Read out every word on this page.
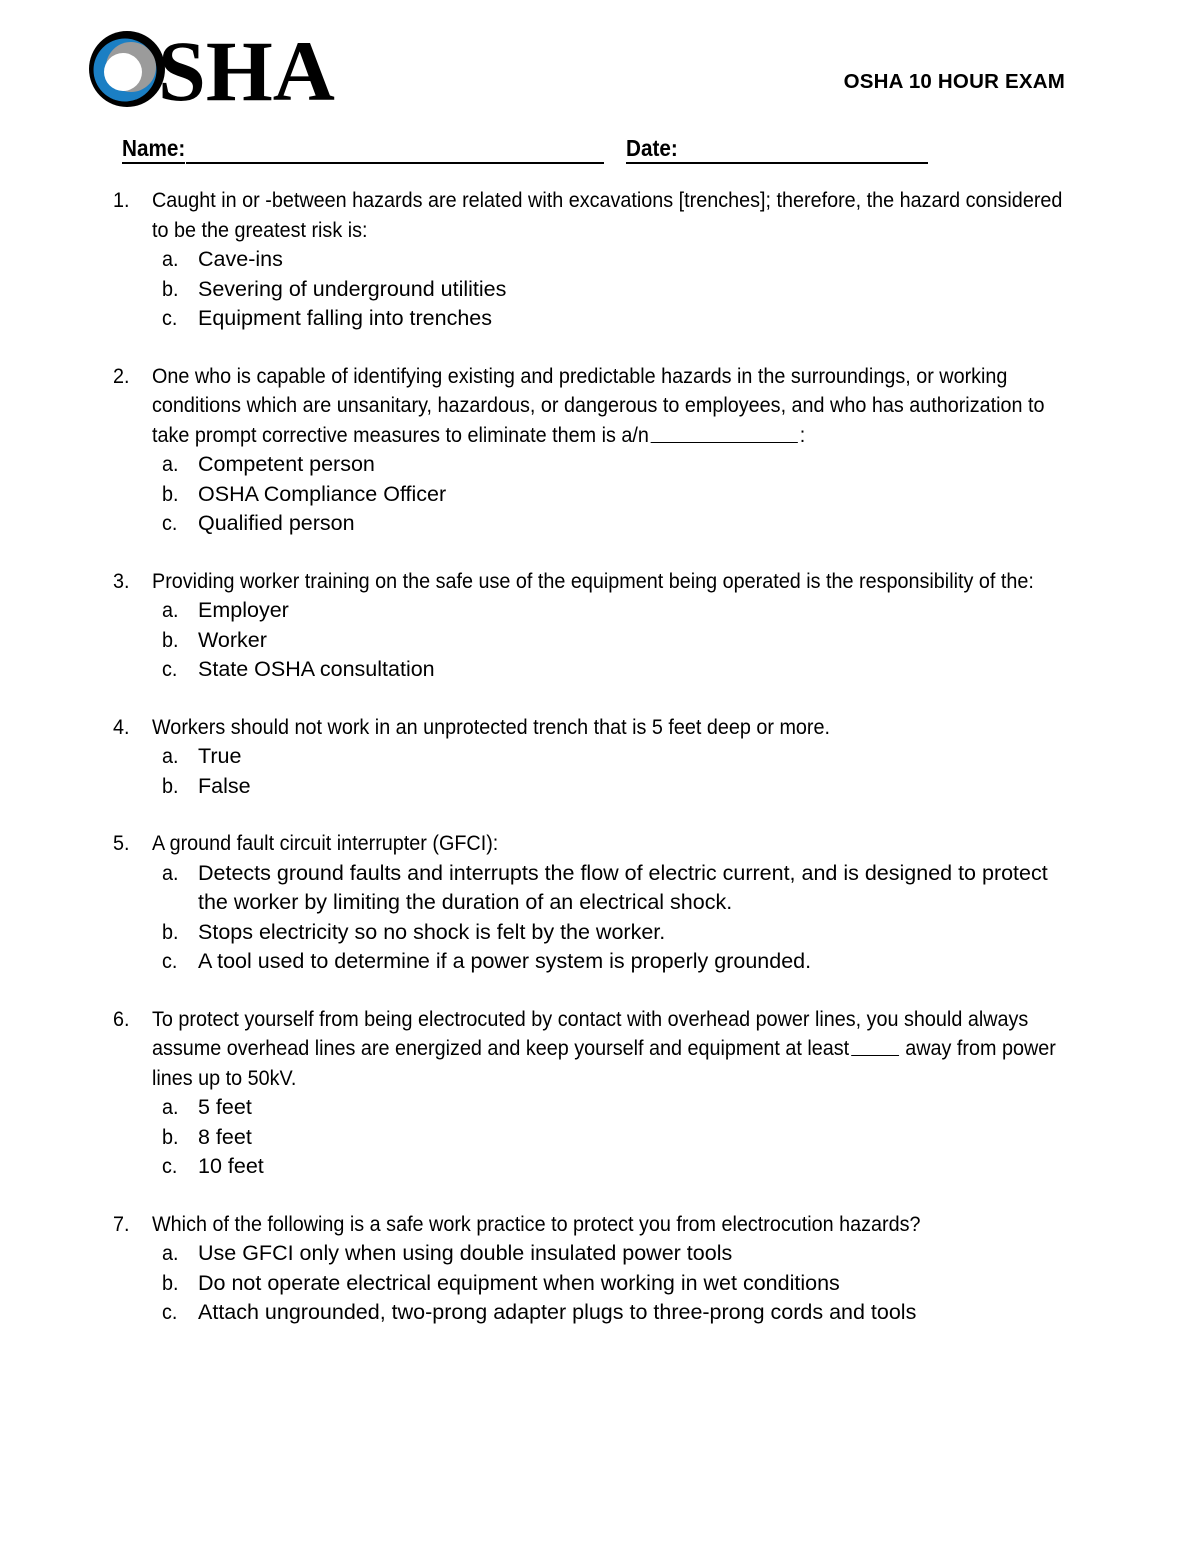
SHA	OSHA 10 HOUR EXAM
Name:	Date:
1.	Caught in or -between hazards are related with excavations [trenches]; therefore, the hazard considered to be the greatest risk is:
a. Cave-ins
b. Severing of underground utilities
c. Equipment falling into trenches
2.	One who is capable of identifying existing and predictable hazards in the surroundings, or working conditions which are unsanitary, hazardous, or dangerous to employees, and who has authorization to take prompt corrective measures to eliminate them is a/n	:
a. Competent person
b. OSHA Compliance Officer
c. Qualified person
3.	Providing worker training on the safe use of the equipment being operated is the responsibility of the:
a. Employer
b. Worker
c. State OSHA consultation
4.	Workers should not work in an unprotected trench that is 5 feet deep or more.
a. True
b. False
5.	A ground fault circuit interrupter (GFCI):
a. Detects ground faults and interrupts the flow of electric current, and is designed to protect the worker by limiting the duration of an electrical shock.
b. Stops electricity so no shock is felt by the worker.
c. A tool used to determine if a power system is properly grounded.
6.	To protect yourself from being electrocuted by contact with overhead power lines, you should always assume overhead lines are energized and keep yourself and equipment at least away from power lines up to 50kV.
a. 5 feet
b. 8 feet
c. 10 feet
7.	Which of the following is a safe work practice to protect you from electrocution hazards?
a. Use GFCI only when using double insulated power tools
b. Do not operate electrical equipment when working in wet conditions
c. Attach ungrounded, two-prong adapter plugs to three-prong cords and tools
